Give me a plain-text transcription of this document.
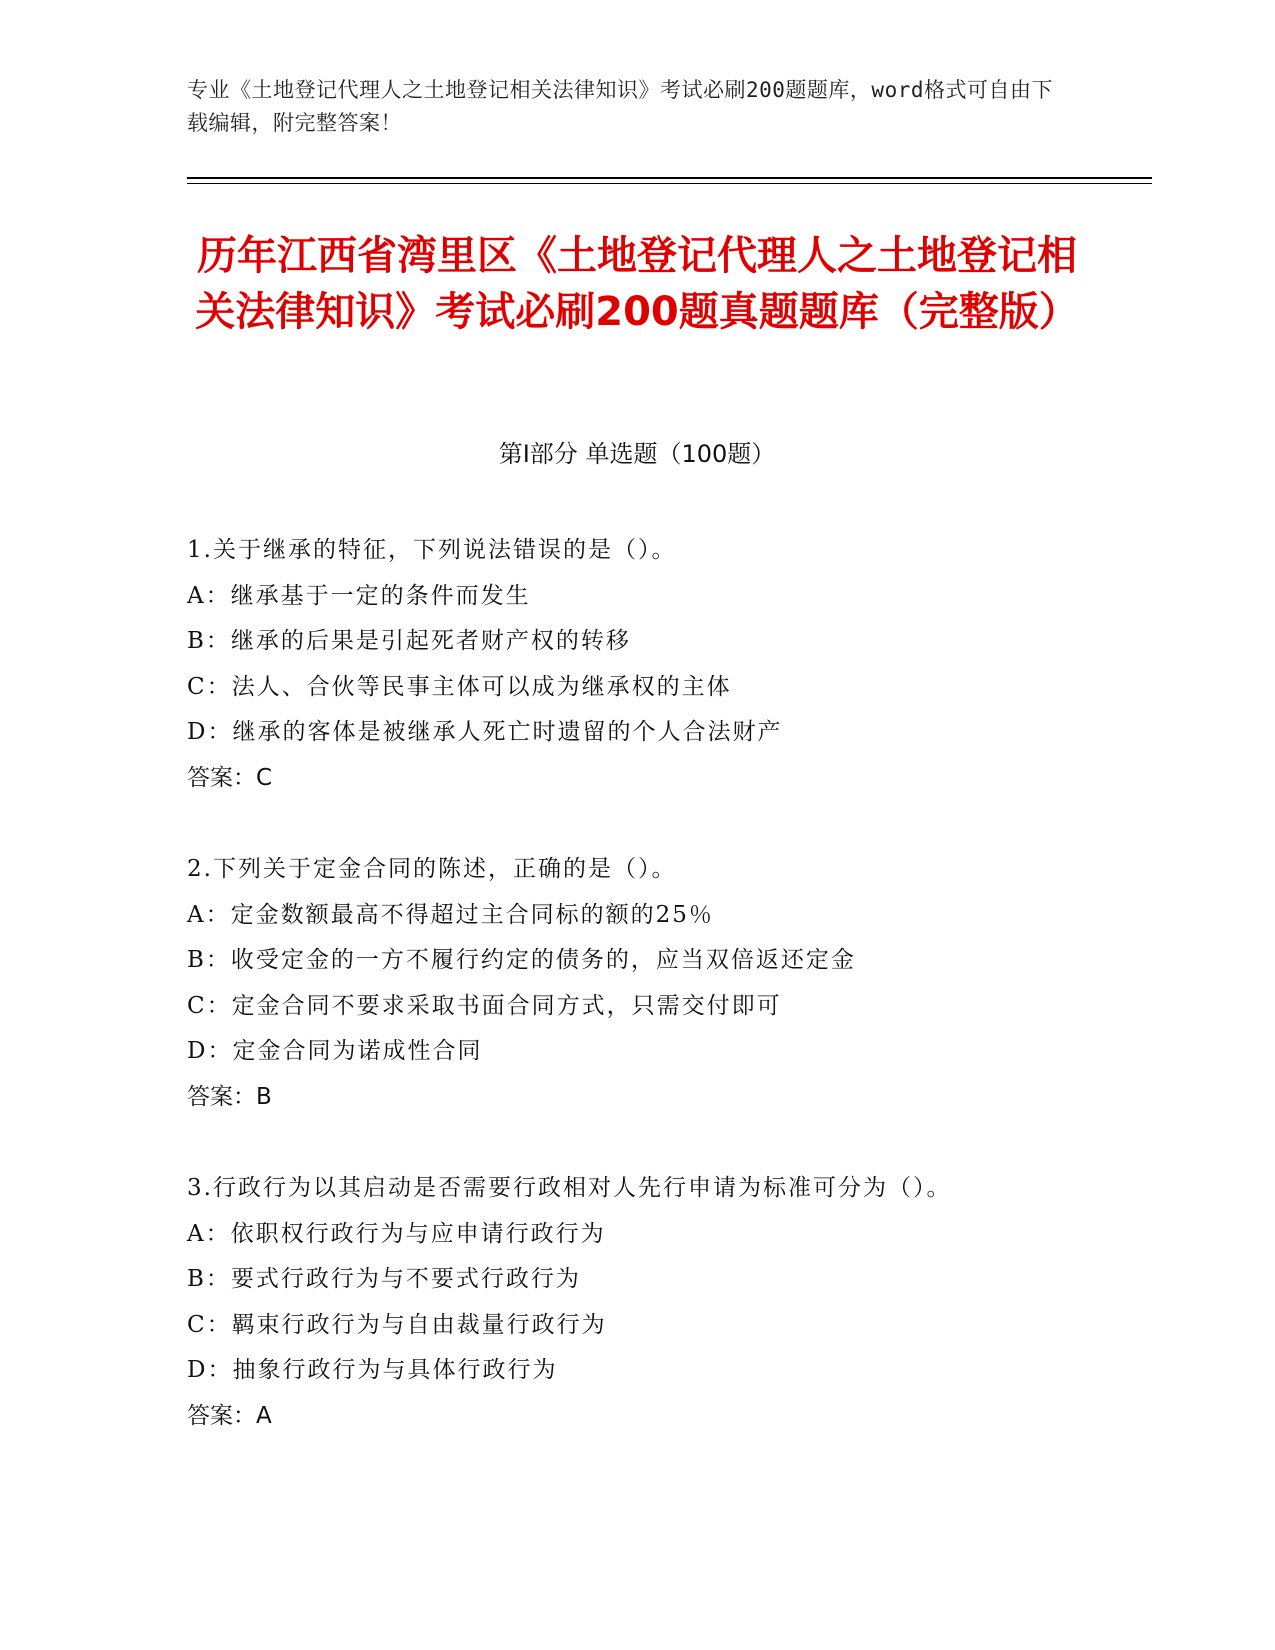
专业《土地登记代理人之土地登记相关法律知识》考试必刷200题题库，word格式可自由下载编辑，附完整答案！
历年江西省湾里区《土地登记代理人之土地登记相关法律知识》考试必刷200题真题题库（完整版）
第Ⅰ部分 单选题（100题）
1.关于继承的特征，下列说法错误的是（）。
A：继承基于一定的条件而发生
B：继承的后果是引起死者财产权的转移
C：法人、合伙等民事主体可以成为继承权的主体
D：继承的客体是被继承人死亡时遗留的个人合法财产
答案：C
2.下列关于定金合同的陈述，正确的是（）。
A：定金数额最高不得超过主合同标的额的25％
B：收受定金的一方不履行约定的债务的，应当双倍返还定金
C：定金合同不要求采取书面合同方式，只需交付即可
D：定金合同为诺成性合同
答案：B
3.行政行为以其启动是否需要行政相对人先行申请为标准可分为（）。
A：依职权行政行为与应申请行政行为
B：要式行政行为与不要式行政行为
C：羁束行政行为与自由裁量行政行为
D：抽象行政行为与具体行政行为
答案：A
